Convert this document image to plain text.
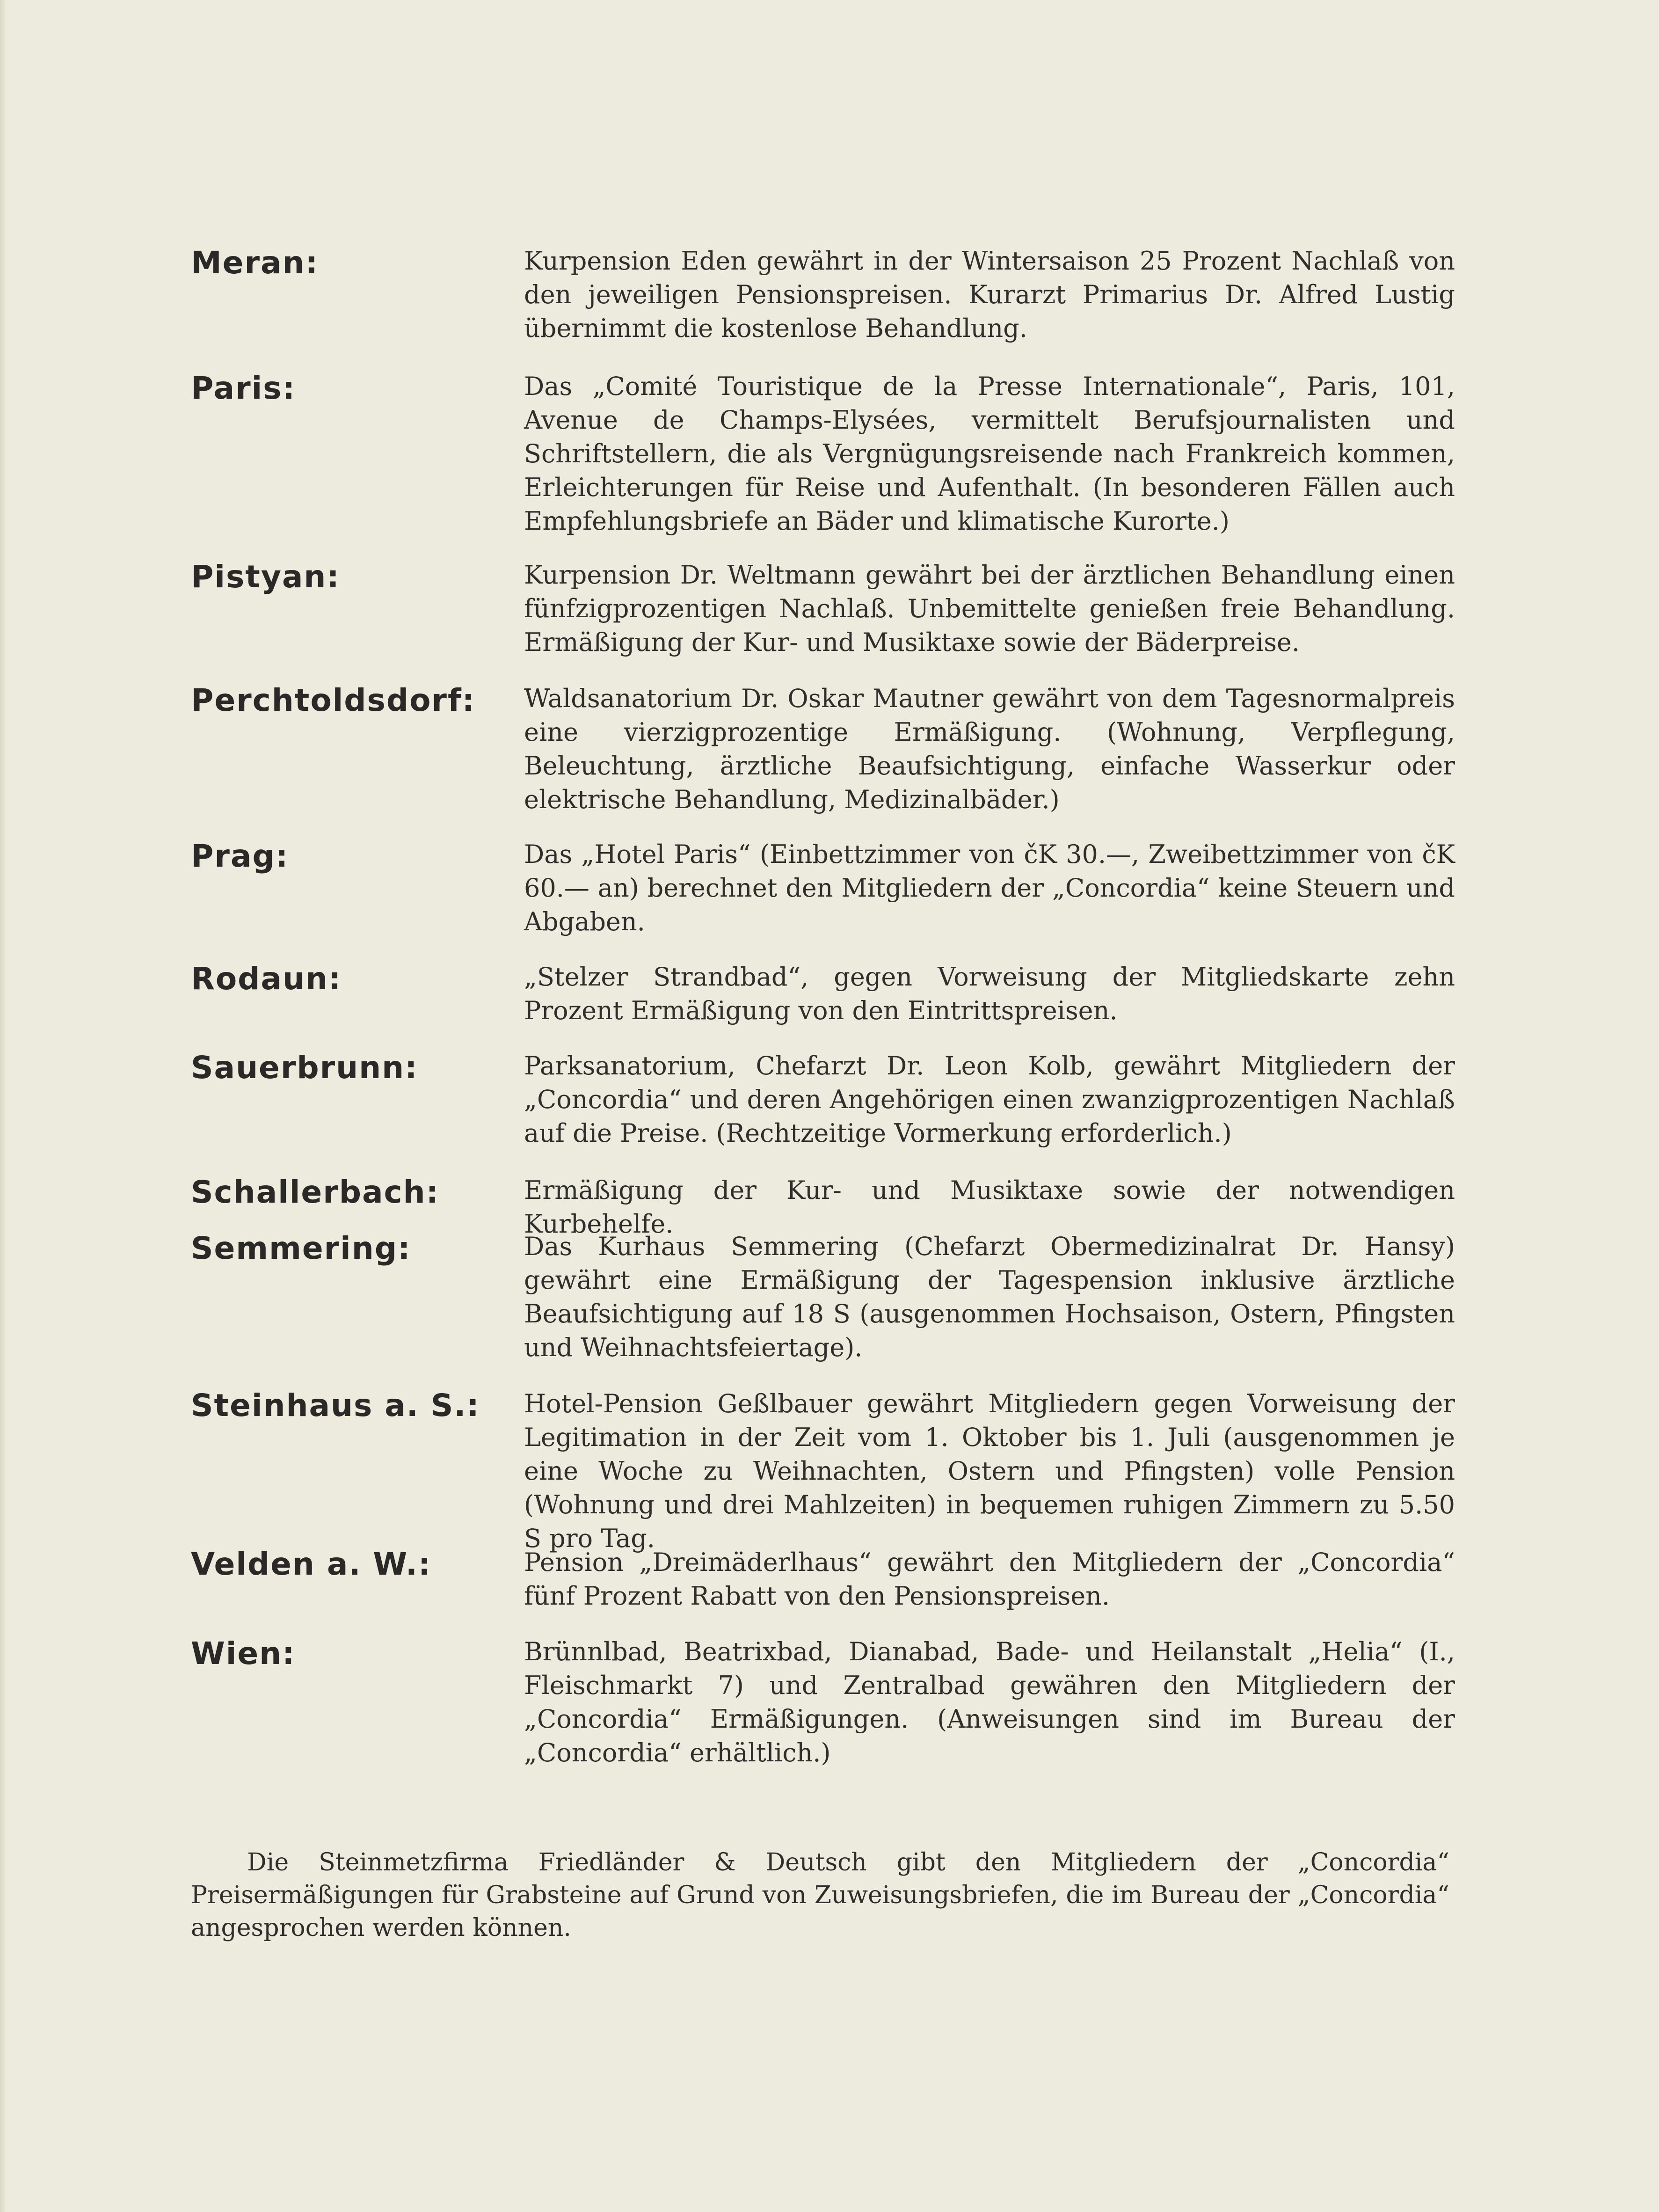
Meran:	Kurpension Eden gewährt in der Wintersaison 25 Prozent Nachlaß von den jeweiligen Pensionspreisen. Kurarzt Primarius Dr. Alfred Lustig übernimmt die kostenlose Behandlung.
Paris:	Das „Comité Touristique de la Presse Internationale“, Paris, 101, Avenue de Champs-Elysées, vermittelt Berufsjournalisten und Schriftstellern, die als Vergnügungsreisende nach Frankreich kommen, Erleichterungen für Reise und Aufenthalt. (In besonderen Fällen auch Empfehlungsbriefe an Bäder und klimatische Kurorte.)
Pistyan:	Kurpension Dr. Weltmann gewährt bei der ärztlichen Behandlung einen fünfzigprozentigen Nachlaß. Unbemittelte genießen freie Behandlung. Ermäßigung der Kur- und Musiktaxe sowie der Bäderpreise.
Perchtoldsdorf: Waldsanatorium Dr. Oskar Mautner gewährt von dem Tagesnormalpreis eine vierzigprozentige Ermäßigung. (Wohnung, Verpflegung, Beleuchtung, ärztliche Beaufsichtigung, einfache Wasserkur oder elektrische Behandlung, Medizinalbäder.)
Prag:	Das „Hotel Paris“ (Einbettzimmer von čK 30.—, Zweibettzimmer von čK 60.— an) berechnet den Mitgliedern der „Concordia“ keine Steuern und Abgaben.
Rodaun:	„Stelzer Strandbad“, gegen Vorweisung der Mitgliedskarte zehn Prozent Ermäßigung von den Eintrittspreisen.
Sauerbrunn:	Parksanatorium, Chefarzt Dr. Leon Kolb, gewährt Mitgliedern der „Concordia“ und deren Angehörigen einen zwanzigprozentigen Nachlaß auf die Preise. (Rechtzeitige Vormerkung erforderlich.)
Schallerbach:	Ermäßigung der Kur- und Musiktaxe sowie der notwendigen Kurbehelfe.
Semmering:	Das Kurhaus Semmering (Chefarzt Obermedizinalrat Dr. Hansy) gewährt eine Ermäßigung der Tagespension inklusive ärztliche Beaufsichtigung auf 18 S (ausgenommen Hochsaison, Ostern, Pfingsten und Weihnachtsfeiertage).
Steinhaus a. S.: Hotel-Pension Geßlbauer gewährt Mitgliedern gegen Vorweisung der Legitimation in der Zeit vom 1. Oktober bis 1. Juli (ausgenommen je eine Woche zu Weihnachten, Ostern und Pfingsten) volle Pension (Wohnung und drei Mahlzeiten) in bequemen ruhigen Zimmern zu 5.50 S pro Tag.
Velden a. W.:	Pension „Dreimäderlhaus“ gewährt den Mitgliedern der „Concordia“ fünf Prozent Rabatt von den Pensionspreisen.
Wien:	Brünnlbad, Beatrixbad, Dianabad, Bade- und Heilanstalt „Helia“ (I., Fleischmarkt 7) und Zentralbad gewähren den Mitgliedern der „Concordia“ Ermäßigungen. (Anweisungen sind im Bureau der „Concordia“ erhältlich.)
Die Steinmetzfirma Friedländer & Deutsch gibt den Mitgliedern der „Concordia“ Preisermäßigungen für Grabsteine auf Grund von Zuweisungsbriefen, die im Bureau der „Concordia“ angesprochen werden können.
